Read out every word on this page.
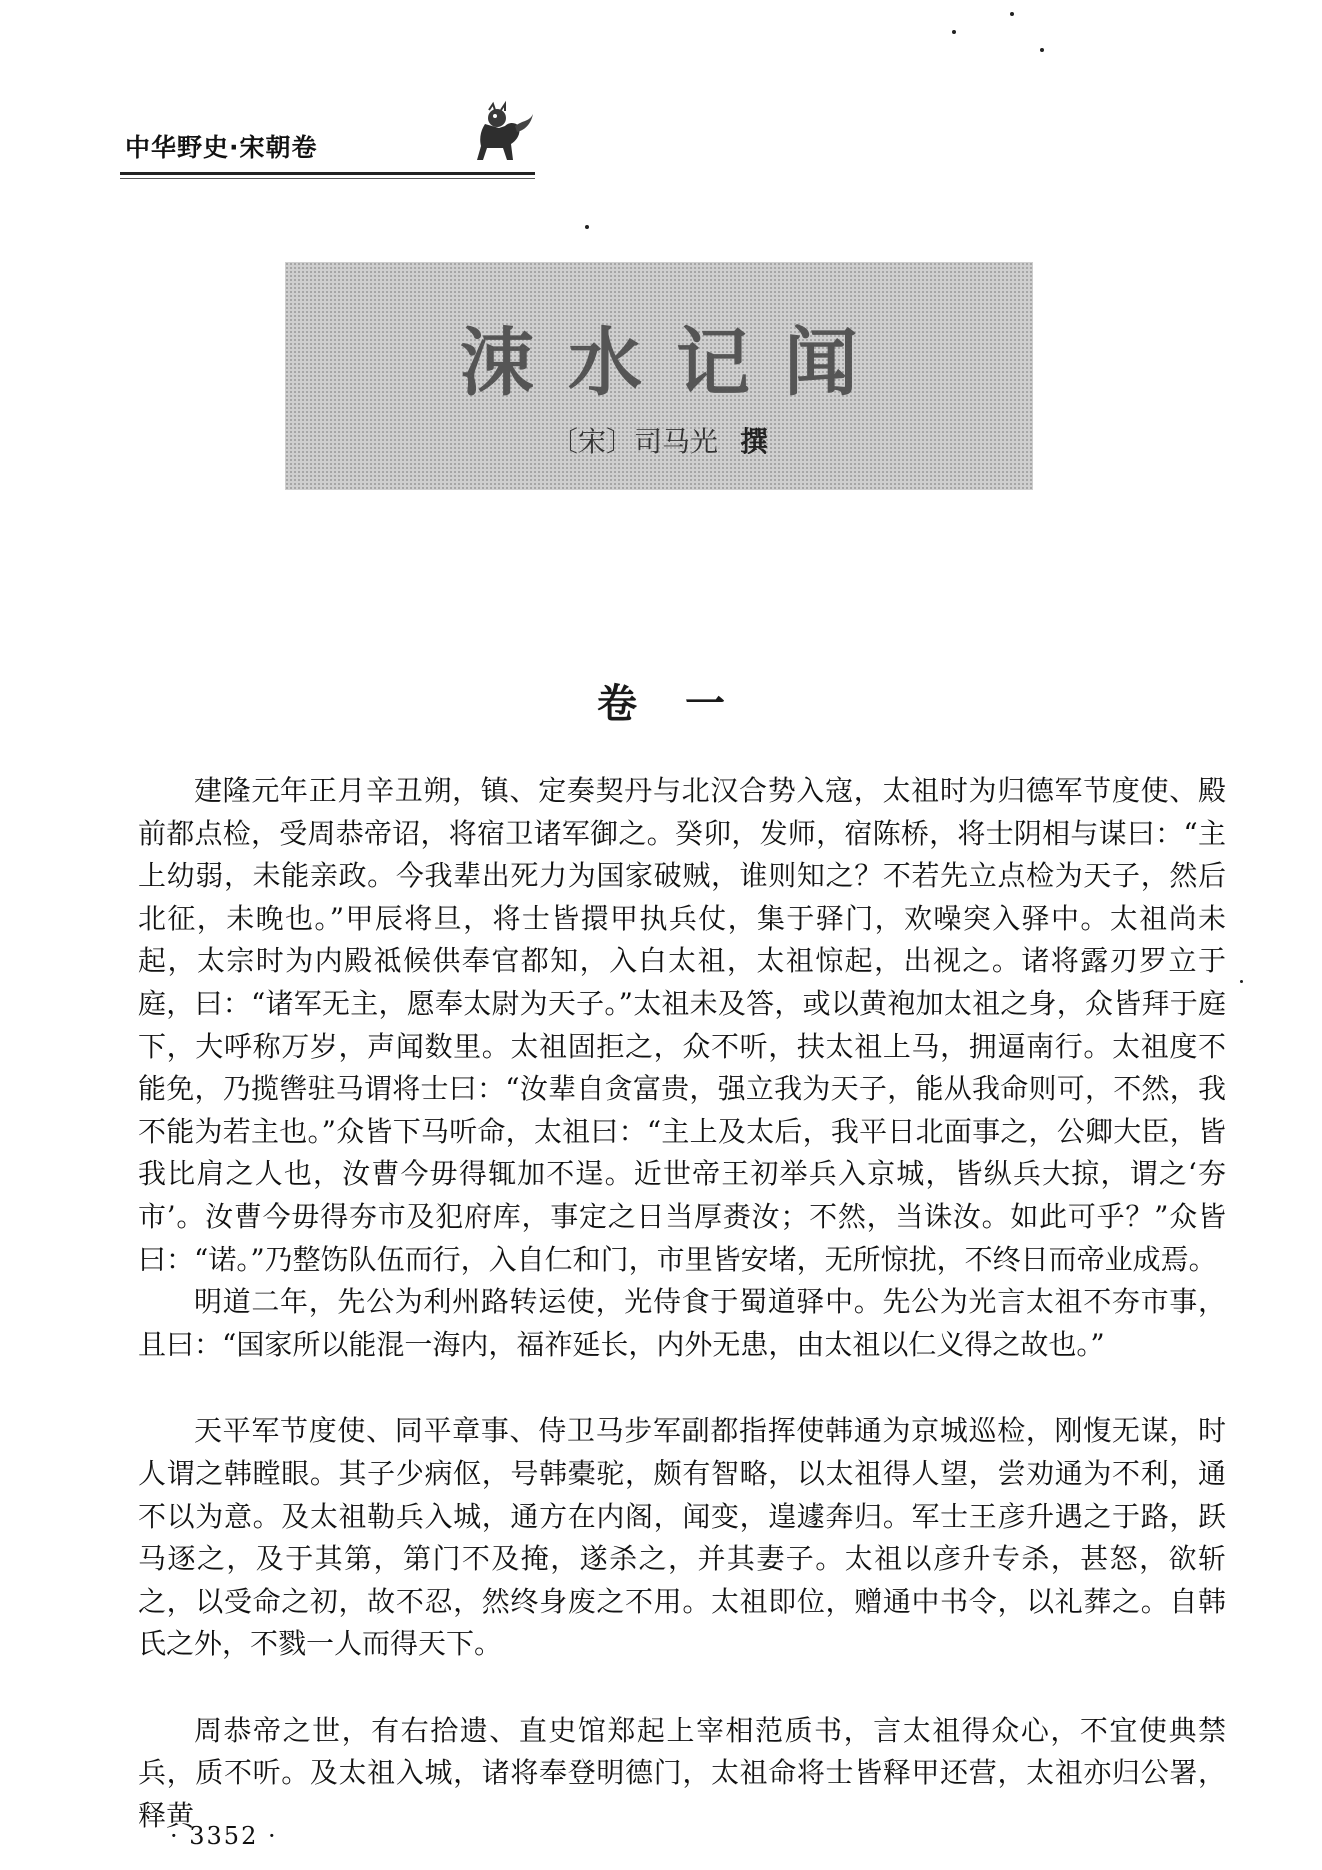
中华野史·宋朝卷
涑水记闻
〔宋〕司马光 撰
卷一

建隆元年正月辛丑朔，镇、定奏契丹与北汉合势入寇，太祖时为归德军节度使、殿前都点检，受周恭帝诏，将宿卫诸军御之。癸卯，发师，宿陈桥，将士阴相与谋曰：“主上幼弱，未能亲政。今我辈出死力为国家破贼，谁则知之？不若先立点检为天子，然后北征，未晚也。”甲辰将旦，将士皆擐甲执兵仗，集于驿门，欢噪突入驿中。太祖尚未起，太宗时为内殿祗候供奉官都知，入白太祖，太祖惊起，出视之。诸将露刃罗立于庭，曰：“诸军无主，愿奉太尉为天子。”太祖未及答，或以黄袍加太祖之身，众皆拜于庭下，大呼称万岁，声闻数里。太祖固拒之，众不听，扶太祖上马，拥逼南行。太祖度不能免，乃揽辔驻马谓将士曰：“汝辈自贪富贵，强立我为天子，能从我命则可，不然，我不能为若主也。”众皆下马听命，太祖曰：“主上及太后，我平日北面事之，公卿大臣，皆我比肩之人也，汝曹今毋得辄加不逞。近世帝王初举兵入京城，皆纵兵大掠，谓之‘夯市’。汝曹今毋得夯市及犯府库，事定之日当厚赉汝；不然，当诛汝。如此可乎？”众皆曰：“诺。”乃整饬队伍而行，入自仁和门，市里皆安堵，无所惊扰，不终日而帝业成焉。

明道二年，先公为利州路转运使，光侍食于蜀道驿中。先公为光言太祖不夯市事，且曰：“国家所以能混一海内，福祚延长，内外无患，由太祖以仁义得之故也。”

天平军节度使、同平章事、侍卫马步军副都指挥使韩通为京城巡检，刚愎无谋，时人谓之韩瞠眼。其子少病伛，号韩橐驼，颇有智略，以太祖得人望，尝劝通为不利，通不以为意。及太祖勒兵入城，通方在内阁，闻变，遑遽奔归。军士王彦升遇之于路，跃马逐之，及于其第，第门不及掩，遂杀之，并其妻子。太祖以彦升专杀，甚怒，欲斩之，以受命之初，故不忍，然终身废之不用。太祖即位，赠通中书令，以礼葬之。自韩氏之外，不戮一人而得天下。

周恭帝之世，有右拾遗、直史馆郑起上宰相范质书，言太祖得众心，不宜使典禁兵，质不听。及太祖入城，诸将奉登明德门，太祖命将士皆释甲还营，太祖亦归公署，释黄

· 3352 ·
